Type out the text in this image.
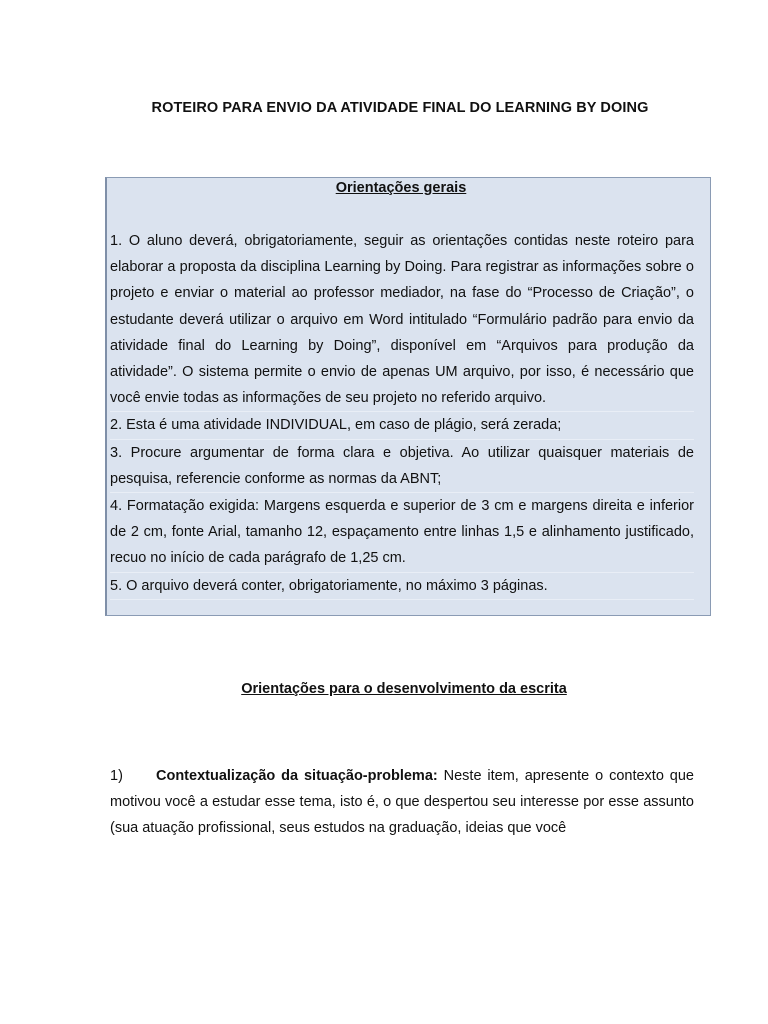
ROTEIRO PARA ENVIO DA ATIVIDADE FINAL DO LEARNING BY DOING
Orientações gerais

1. O aluno deverá, obrigatoriamente, seguir as orientações contidas neste roteiro para elaborar a proposta da disciplina Learning by Doing. Para registrar as informações sobre o projeto e enviar o material ao professor mediador, na fase do “Processo de Criação”, o estudante deverá utilizar o arquivo em Word intitulado “Formulário padrão para envio da atividade final do Learning by Doing”, disponível em “Arquivos para produção da atividade”. O sistema permite o envio de apenas UM arquivo, por isso, é necessário que você envie todas as informações de seu projeto no referido arquivo.

2. Esta é uma atividade INDIVIDUAL, em caso de plágio, será zerada;

3. Procure argumentar de forma clara e objetiva. Ao utilizar quaisquer materiais de pesquisa, referencie conforme as normas da ABNT;

4. Formatação exigida: Margens esquerda e superior de 3 cm e margens direita e inferior de 2 cm, fonte Arial, tamanho 12, espaçamento entre linhas 1,5 e alinhamento justificado, recuo no início de cada parágrafo de 1,25 cm.

5. O arquivo deverá conter, obrigatoriamente, no máximo 3 páginas.

Orientações para o desenvolvimento da escrita

1) Contextualização da situação-problema: Neste item, apresente o contexto que motivou você a estudar esse tema, isto é, o que despertou seu interesse por esse assunto (sua atuação profissional, seus estudos na graduação, ideias que você
